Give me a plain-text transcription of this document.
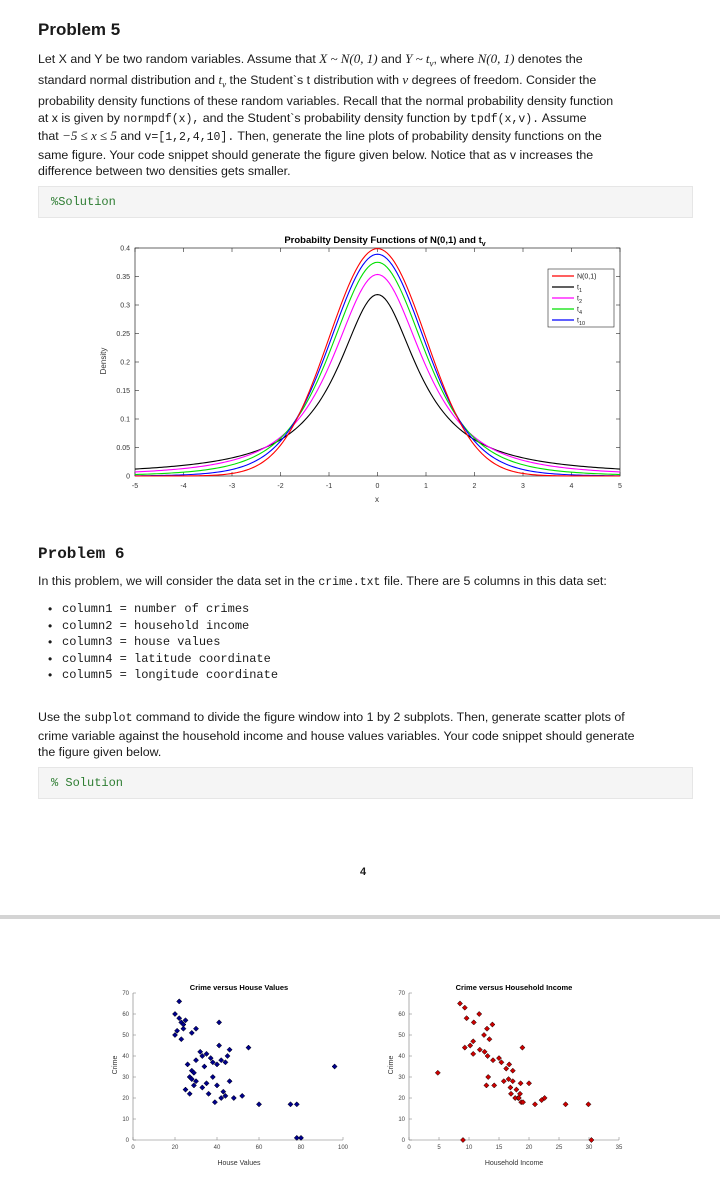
Problem 5
Let X and Y be two random variables. Assume that X ~ N(0, 1) and Y ~ $t_v$, where N(0, 1) denotes the
standard normal distribution and $t_v$ the Student`s t distribution with v degrees of freedom. Consider the
probability density functions of these random variables. Recall that the normal probability density function
at x is given by normpdf(x), and the Student`s probability density function by tpdf(x,v). Assume
that −5 ≤ x ≤ 5 and v=[1,2,4,10]. Then, generate the line plots of probability density functions on the
same figure. Your code snippet should generate the figure given below. Notice that as v increases the
difference between two densities gets smaller.
%Solution
-5	-4	-3	-2	-1	0	1	2	3	4	5
0
0.05
0.1
0.15
0.2
0.25
0.3
0.35
0.4
N(0,1)
$t_1$
$t_2$
$t_4$
$t_{10}$
Probabilty Density Functions of N(0,1) and $t_v$
x
Density
Problem 6
In this problem, we will consider the data set in the crime.txt file. There are 5 columns in this data set:
• column1 = number of crimes
• column2 = household income
• column3 = house values
• column4 = latitude coordinate
• column5 = longitude coordinate
Use the subplot command to divide the figure window into 1 by 2 subplots. Then, generate scatter plots of
crime variable against the household income and house values variables. Your code snippet should generate
the figure given below.
% Solution
4
0	20	40	60	80	100
0
10
20
30
40
50
60
70
0	5	10	15	20	25	30	35
0
10
20
30
40
50
60
70
Crime versus House Values
House Values
Crime
Crime versus Household Income
Household Income
Crime
